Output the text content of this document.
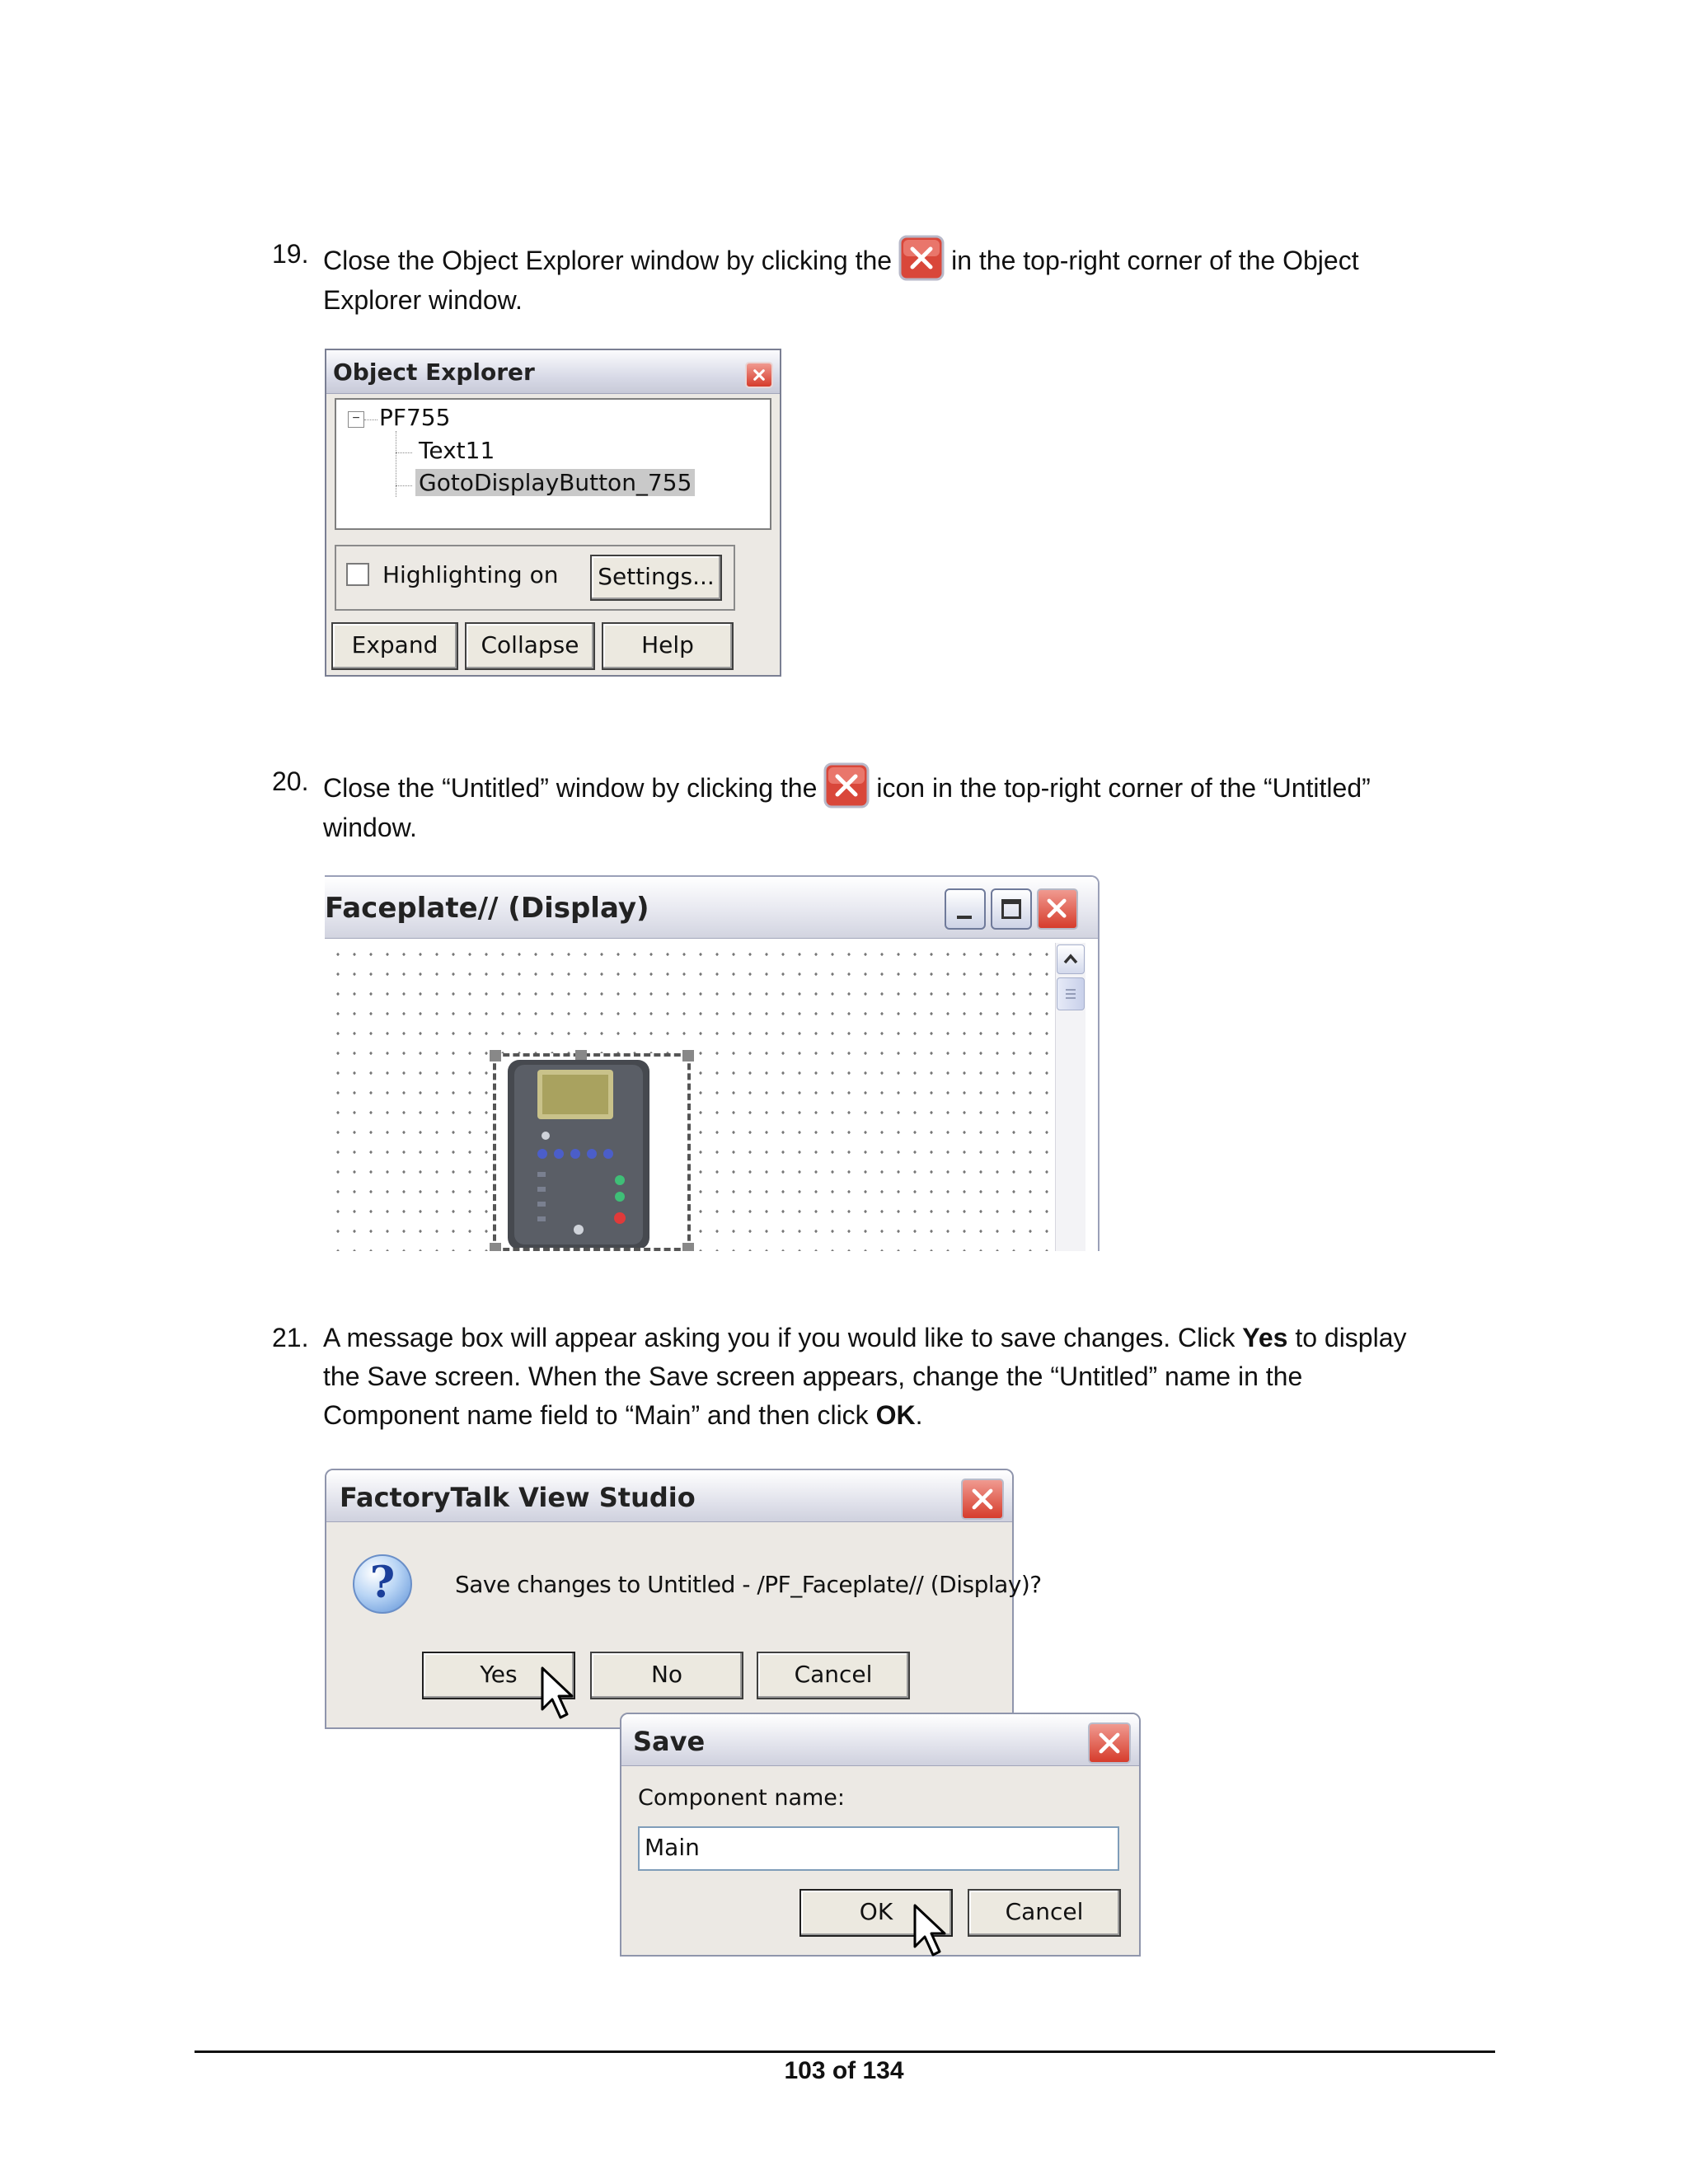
19. Close the Object Explorer window by clicking the in the top-right corner of the Object
Explorer window.
Object Explorer
− PF755
Text11
GotoDisplayButton_755
Highlighting on	Settings...
Expand	Collapse	Help
20. Close the “Untitled” window by clicking the icon in the top-right corner of the “Untitled”
window.
Faceplate// (Display)
21. A message box will appear asking you if you would like to save changes. Click Yes to display
the Save screen. When the Save screen appears, change the “Untitled” name in the
Component name field to “Main” and then click OK.
FactoryTalk View Studio
?	Save changes to Untitled - /PF_Faceplate// (Display)?
Yes	No	Cancel
Save
Component name:
Main
OK	Cancel
103 of 134
